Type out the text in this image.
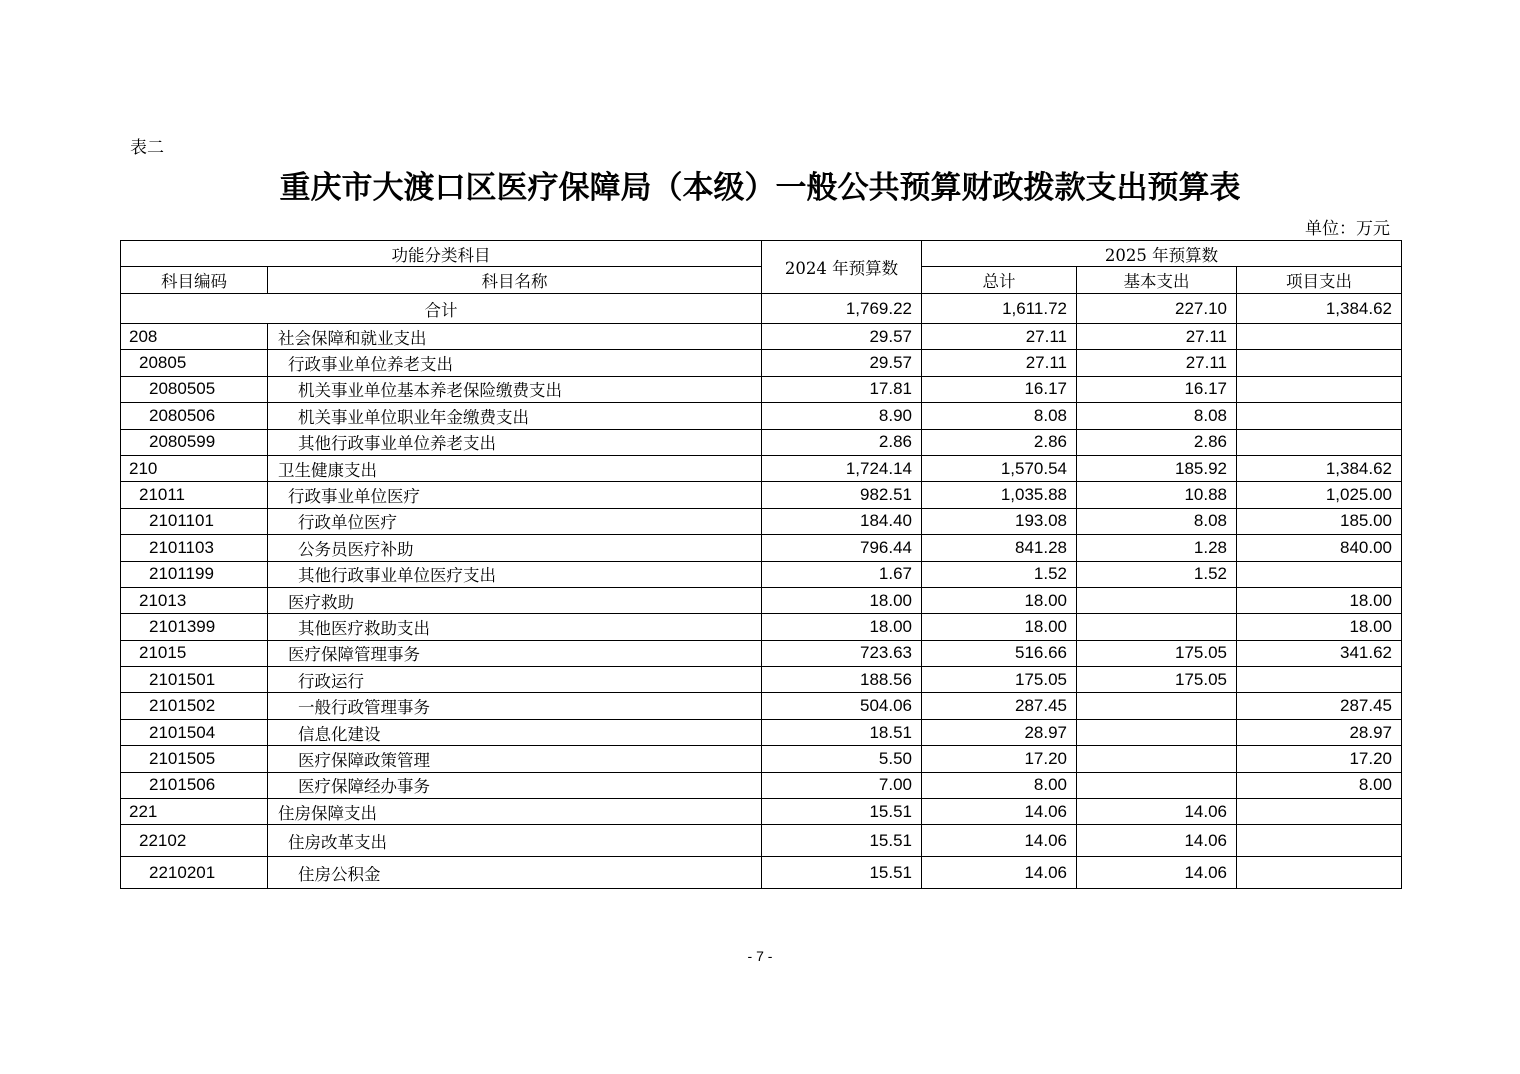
表二
重庆市大渡口区医疗保障局（本级）一般公共预算财政拨款支出预算表
单位：万元
功能分类科目		2024 年预算数	2025 年预算数		
科目编码	科目名称		总计	基本支出	项目支出
合计		1,769.22	1,611.72	227.10	1,384.62
208	社会保障和就业支出	29.57	27.11	27.11	
20805	行政事业单位养老支出	29.57	27.11	27.11	
2080505	机关事业单位基本养老保险缴费支出	17.81	16.17	16.17	
2080506	机关事业单位职业年金缴费支出	8.90	8.08	8.08	
2080599	其他行政事业单位养老支出	2.86	2.86	2.86	
210	卫生健康支出	1,724.14	1,570.54	185.92	1,384.62
21011	行政事业单位医疗	982.51	1,035.88	10.88	1,025.00
2101101	行政单位医疗	184.40	193.08	8.08	185.00
2101103	公务员医疗补助	796.44	841.28	1.28	840.00
2101199	其他行政事业单位医疗支出	1.67	1.52	1.52	
21013	医疗救助	18.00	18.00		18.00
2101399	其他医疗救助支出	18.00	18.00		18.00
21015	医疗保障管理事务	723.63	516.66	175.05	341.62
2101501	行政运行	188.56	175.05	175.05	
2101502	一般行政管理事务	504.06	287.45		287.45
2101504	信息化建设	18.51	28.97		28.97
2101505	医疗保障政策管理	5.50	17.20		17.20
2101506	医疗保障经办事务	7.00	8.00		8.00
221	住房保障支出	15.51	14.06	14.06	
22102	住房改革支出	15.51	14.06	14.06	
2210201	住房公积金	15.51	14.06	14.06	
- 7 -
